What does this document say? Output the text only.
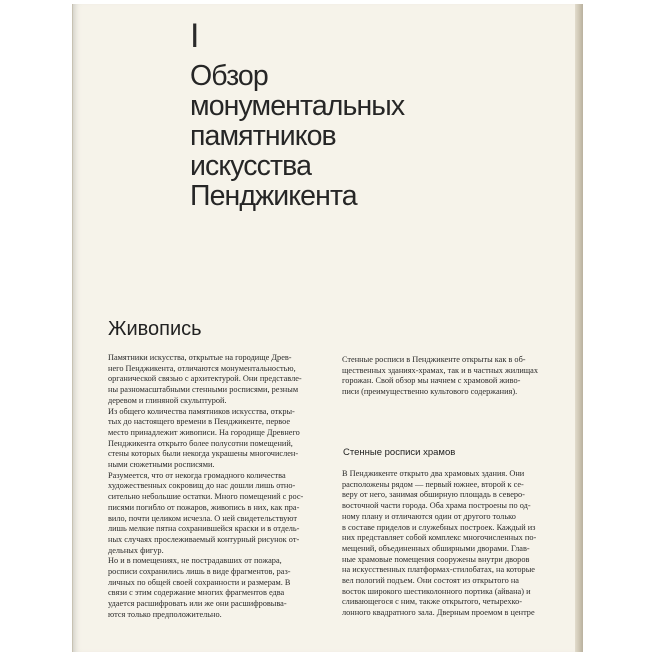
I
Обзор
монументальных
памятников
искусства
Пенджикента
Живопись

Памятники искусства, открытые на городище Древ-
него Пенджикента, отличаются монументальностью,
органической связью с архитектурой. Они представле-
ны разномасштабными стенными росписями, резным
деревом и глиняной скульптурой.

Из общего количества памятников искусства, откры-
тых до настоящего времени в Пенджикенте, первое
место принадлежит живописи. На городище Древнего
Пенджикента открыто более полусотни помещений,
стены которых были некогда украшены многочислен-
ными сюжетными росписями.

Разумеется, что от некогда громадного количества
художественных сокровищ до нас дошли лишь отно-
сительно небольшие остатки. Много помещений с рос-
писями погибло от пожаров, живопись в них, как пра-
вило, почти целиком исчезла. О ней свидетельствуют
лишь мелкие пятна сохранившейся краски и в отдель-
ных случаях прослеживаемый контурный рисунок от-
дельных фигур.

Но и в помещениях, не пострадавших от пожара,
росписи сохранились лишь в виде фрагментов, раз-
личных по общей своей сохранности и размерам. В
связи с этим содержание многих фрагментов едва
удается расшифровать или же они расшифровыва-
ются только предположительно.

Стенные росписи в Пенджикенте открыты как в об-
щественных зданиях-храмах, так и в частных жилищах
горожан. Свой обзор мы начнем с храмовой живо-
писи (преимущественно культового содержания).

Стенные росписи храмов

В Пенджикенте открыто два храмовых здания. Они
расположены рядом — первый южнее, второй к се-
веру от него, занимая обширную площадь в северо-
восточной части города. Оба храма построены по од-
ному плану и отличаются один от другого только
в составе приделов и служебных построек. Каждый из
них представляет собой комплекс многочисленных по-
мещений, объединенных обширными дворами. Глав-
ные храмовые помещения сооружены внутри дворов
на искусственных платформах-стилобатах, на которые
вел пологий подъем. Они состоят из открытого на
восток широкого шестиколонного портика (айвана) и
сливающегося с ним, также открытого, четырехко-
лонного квадратного зала. Дверным проемом в центре
